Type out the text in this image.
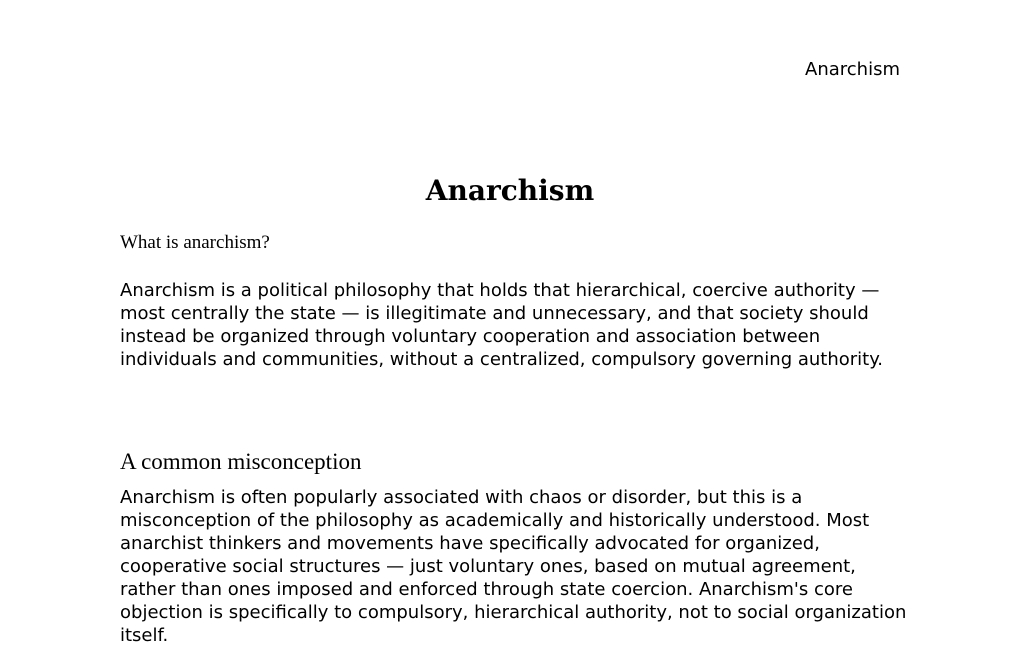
Anarchism

Anarchism

What is anarchism?

Anarchism is a political philosophy that holds that hierarchical, coercive authority — most centrally the state — is illegitimate and unnecessary, and that society should instead be organized through voluntary cooperation and association between individuals and communities, without a centralized, compulsory governing authority.

A common misconception

Anarchism is often popularly associated with chaos or disorder, but this is a misconception of the philosophy as academically and historically understood. Most anarchist thinkers and movements have specifically advocated for organized, cooperative social structures — just voluntary ones, based on mutual agreement, rather than ones imposed and enforced through state coercion. Anarchism's core objection is specifically to compulsory, hierarchical authority, not to social organization itself.
